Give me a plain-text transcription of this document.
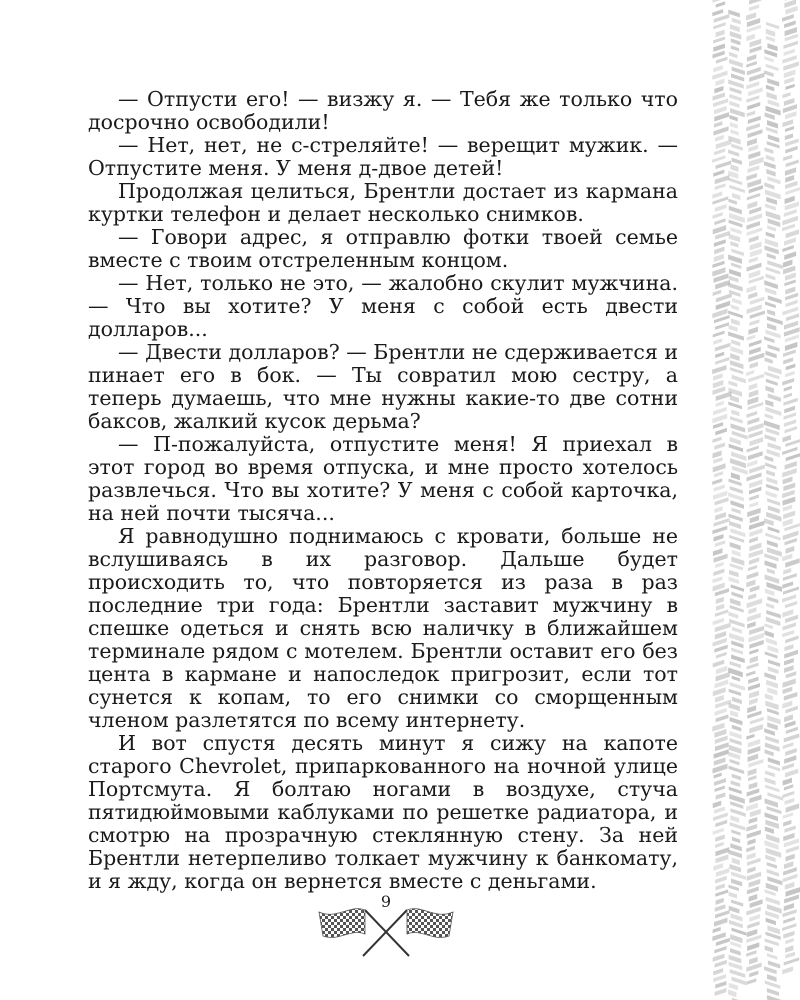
— Отпусти его! — визжу я. — Тебя же только что досрочно освободили!

— Нет, нет, не с-стреляйте! — верещит мужик. — Отпустите меня. У меня д-двое детей!

Продолжая целиться, Брентли достает из кармана куртки телефон и делает несколько снимков.

— Говори адрес, я отправлю фотки твоей семье вместе с твоим отстреленным концом.

— Нет, только не это, — жалобно скулит мужчина. — Что вы хотите? У меня с собой есть двести долларов...

— Двести долларов? — Брентли не сдерживается и пинает его в бок. — Ты совратил мою сестру, а теперь думаешь, что мне нужны какие-то две сотни баксов, жалкий кусок дерьма?

— П-пожалуйста, отпустите меня! Я приехал в этот город во время отпуска, и мне просто хотелось развлечься. Что вы хотите? У меня с собой карточка, на ней почти тысяча...

Я равнодушно поднимаюсь с кровати, больше не вслушиваясь в их разговор. Дальше будет происходить то, что повторяется из раза в раз последние три года: Брентли заставит мужчину в спешке одеться и снять всю наличку в ближайшем терминале рядом с мотелем. Брентли оставит его без цента в кармане и напоследок пригрозит, если тот сунется к копам, то его снимки со сморщенным членом разлетятся по всему интернету.

И вот спустя десять минут я сижу на капоте старого Chevrolet, припаркованного на ночной улице Портсмута. Я болтаю ногами в воздухе, стуча пятидюймовыми каблуками по решетке радиатора, и смотрю на прозрачную стеклянную стену. За ней Брентли нетерпеливо толкает мужчину к банкомату, и я жду, когда он вернется вместе с деньгами.

9
